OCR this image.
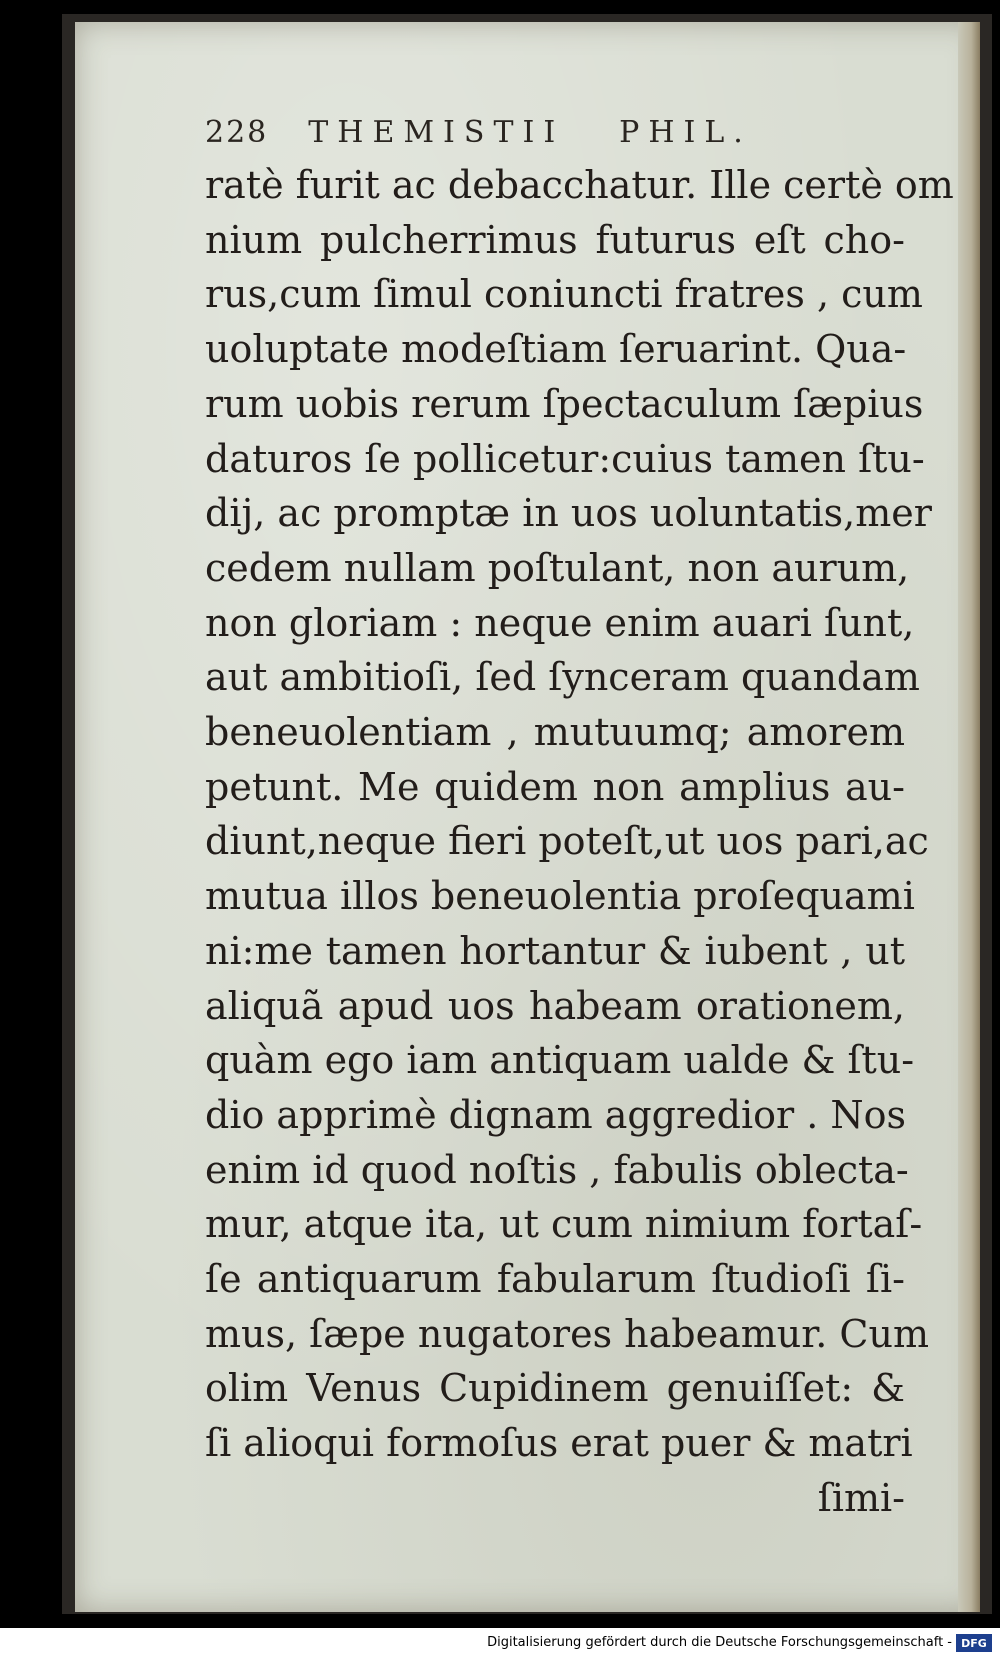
228 THEMISTII PHIL.
ratè furit ac debacchatur. Ille certè om
nium pulcherrimus futurus eſt cho-
rus,cum ſimul coniuncti fratres , cum
uoluptate modeſtiam ſeruarint. Qua-
rum uobis rerum ſpectaculum ſæpius
daturos ſe pollicetur:cuius tamen ſtu-
dij, ac promptæ in uos uoluntatis,mer
cedem nullam poſtulant, non aurum,
non gloriam : neque enim auari ſunt,
aut ambitioſi, ſed ſynceram quandam
beneuolentiam , mutuumq; amorem
petunt. Me quidem non amplius au-
diunt,neque fieri poteſt,ut uos pari,ac
mutua illos beneuolentia proſequami
ni:me tamen hortantur & iubent , ut
aliquã apud uos habeam orationem,
quàm ego iam antiquam ualde & ſtu-
dio apprimè dignam aggredior . Nos
enim id quod noſtis , fabulis oblecta-
mur, atque ita, ut cum nimium fortaſ-
ſe antiquarum fabularum ſtudioſi ſi-
mus, ſæpe nugatores habeamur. Cum
olim Venus Cupidinem genuiſſet: &
ſi alioqui formoſus erat puer & matri
ſimi-
Digitalisierung gefördert durch die Deutsche Forschungsgemeinschaft - DFG
